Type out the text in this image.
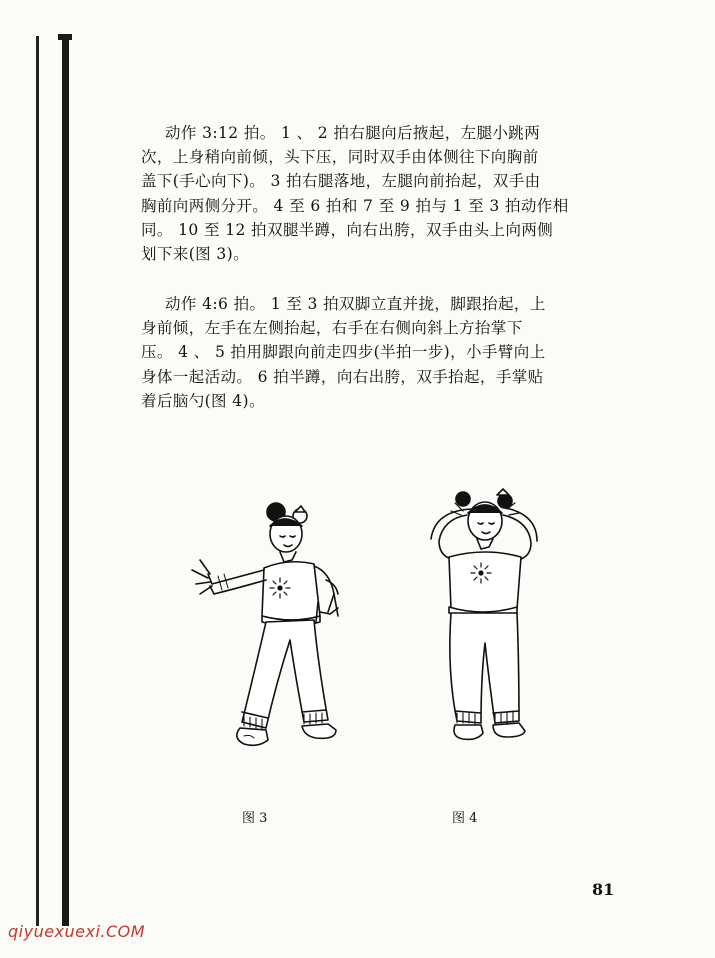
动作 3:12 拍。 1 、 2 拍右腿向后掖起，左腿小跳两
次，上身稍向前倾，头下压，同时双手由体侧往下向胸前
盖下(手心向下)。 3 拍右腿落地，左腿向前抬起，双手由
胸前向两侧分开。 4 至 6 拍和 7 至 9 拍与 1 至 3 拍动作相
同。 10 至 12 拍双腿半蹲，向右出胯，双手由头上向两侧
划下来(图 3)。

动作 4:6 拍。 1 至 3 拍双脚立直并拢，脚跟抬起，上
身前倾，左手在左侧抬起，右手在右侧向斜上方抬掌下
压。 4 、 5 拍用脚跟向前走四步(半拍一步)，小手臂向上
身体一起活动。 6 拍半蹲，向右出胯，双手抬起，手掌贴
着后脑勺(图 4)。

图 3	图 4
81
qiyuexuexi.COM
